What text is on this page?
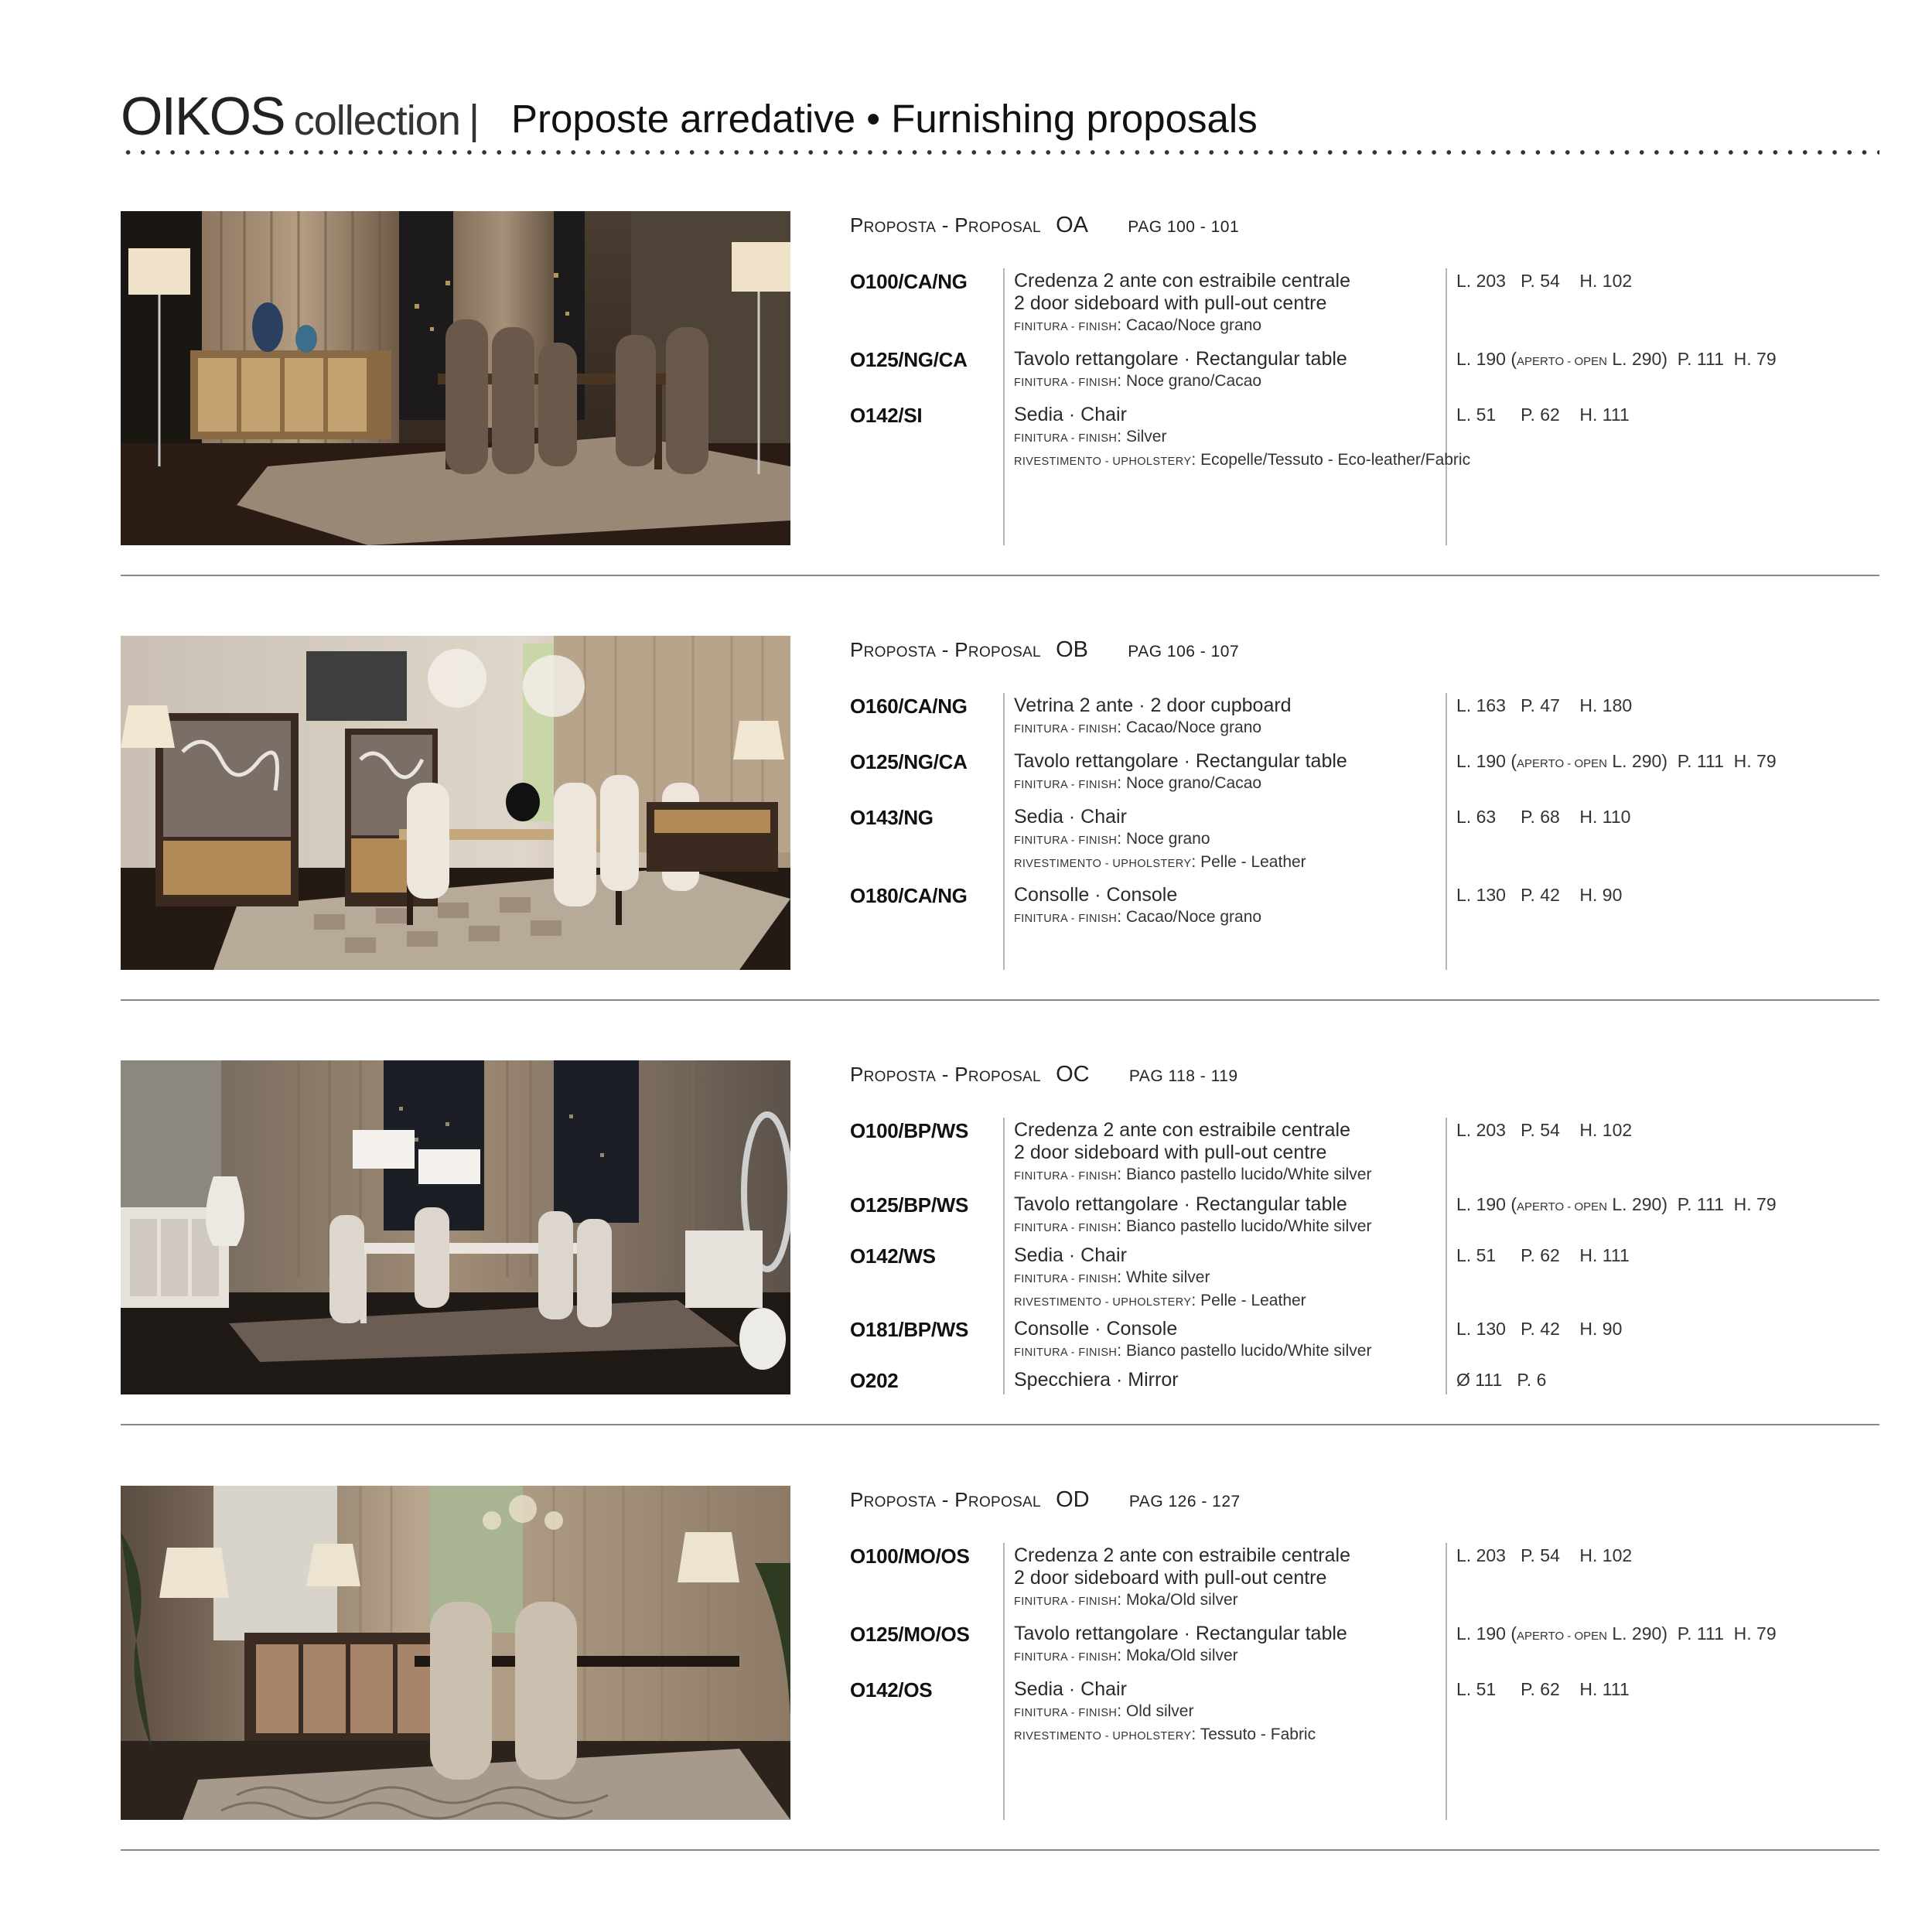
OIKOS collection | Proposte arredative • Furnishing proposals
PROPOSTA - PROPOSAL OA PAG 100 - 101
O100/CA/NG Credenza 2 ante con estraibile centrale
2 door sideboard with pull-out centre
FINITURA - FINISH: Cacao/Noce grano
L. 203   P. 54    H. 102
O125/NG/CA Tavolo rettangolare · Rectangular table
FINITURA - FINISH: Noce grano/Cacao
L. 190 (APERTO - OPEN L. 290)  P. 111  H. 79
O142/SI	Sedia · Chair
FINITURA - FINISH: Silver
RIVESTIMENTO - UPHOLSTERY: Ecopelle/Tessuto - Eco-leather/Fabric
L. 51     P. 62    H. 111
PROPOSTA - PROPOSAL OB PAG 106 - 107
O160/CA/NG Vetrina 2 ante · 2 door cupboard
FINITURA - FINISH: Cacao/Noce grano
L. 163   P. 47    H. 180
O125/NG/CA Tavolo rettangolare · Rectangular table
FINITURA - FINISH: Noce grano/Cacao
L. 190 (APERTO - OPEN L. 290)  P. 111  H. 79
O143/NG	Sedia · Chair
FINITURA - FINISH: Noce grano
RIVESTIMENTO - UPHOLSTERY: Pelle - Leather
L. 63     P. 68    H. 110
O180/CA/NG Consolle · Console
FINITURA - FINISH: Cacao/Noce grano
L. 130   P. 42    H. 90
PROPOSTA - PROPOSAL OC PAG 118 - 119
O100/BP/WS Credenza 2 ante con estraibile centrale
2 door sideboard with pull-out centre
FINITURA - FINISH: Bianco pastello lucido/White silver
L. 203   P. 54    H. 102
O125/BP/WS Tavolo rettangolare · Rectangular table
FINITURA - FINISH: Bianco pastello lucido/White silver
L. 190 (APERTO - OPEN L. 290)  P. 111  H. 79
O142/WS	Sedia · Chair
FINITURA - FINISH: White silver
RIVESTIMENTO - UPHOLSTERY: Pelle - Leather
L. 51     P. 62    H. 111
O181/BP/WS Consolle · Console
FINITURA - FINISH: Bianco pastello lucido/White silver
L. 130   P. 42    H. 90
O202	Specchiera · Mirror	Ø 111   P. 6
PROPOSTA - PROPOSAL OD PAG 126 - 127
O100/MO/OS Credenza 2 ante con estraibile centrale
2 door sideboard with pull-out centre
FINITURA - FINISH: Moka/Old silver
L. 203   P. 54    H. 102
O125/MO/OS Tavolo rettangolare · Rectangular table
FINITURA - FINISH: Moka/Old silver
L. 190 (APERTO - OPEN L. 290)  P. 111  H. 79
O142/OS	Sedia · Chair
FINITURA - FINISH: Old silver
RIVESTIMENTO - UPHOLSTERY: Tessuto - Fabric
L. 51     P. 62    H. 111
